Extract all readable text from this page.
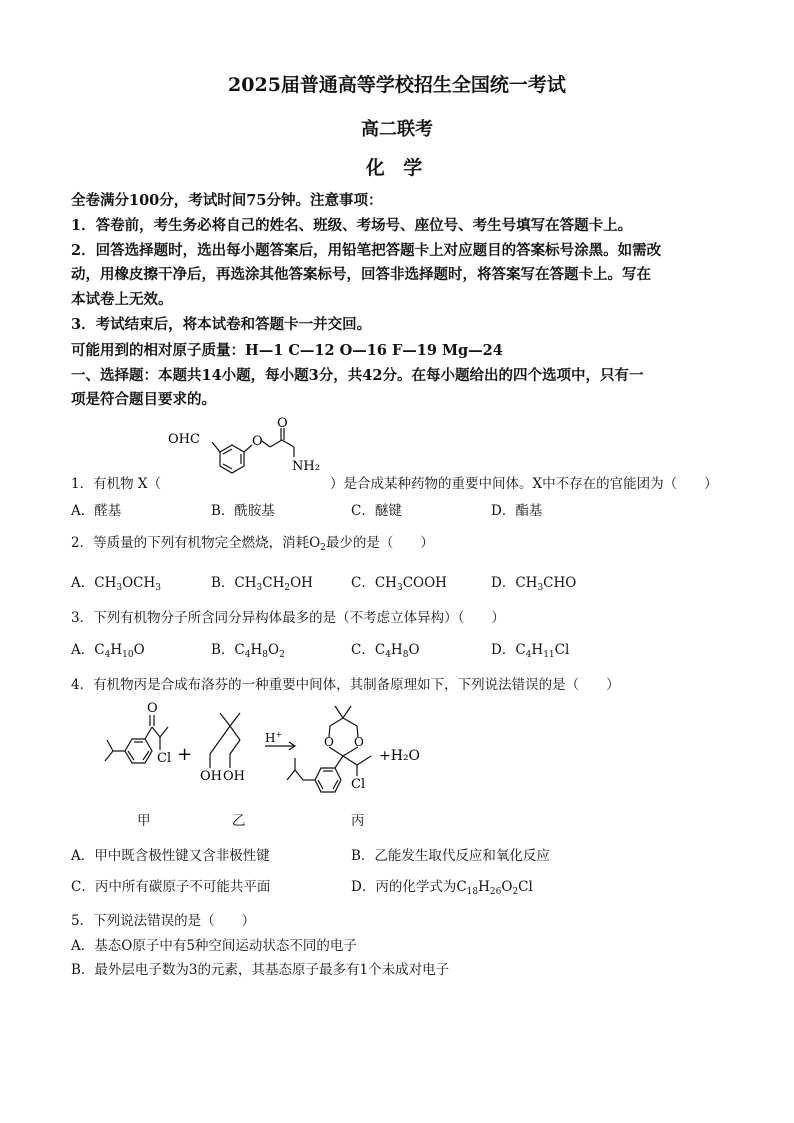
2025届普通高等学校招生全国统一考试
高二联考
化 学
全卷满分100分，考试时间75分钟。注意事项：
1．答卷前，考生务必将自己的姓名、班级、考场号、座位号、考生号填写在答题卡上。
2．回答选择题时，选出每小题答案后，用铅笔把答题卡上对应题目的答案标号涂黑。如需改
动，用橡皮擦干净后，再选涂其他答案标号，回答非选择题时，将答案写在答题卡上。写在
本试卷上无效。
3．考试结束后，将本试卷和答题卡一并交回。
可能用到的相对原子质量：H—1 C—12 O—16 F—19 Mg—24
一、选择题：本题共14小题，每小题3分，共42分。在每小题给出的四个选项中，只有一
项是符合题目要求的。
OHC	O
O
NH₂
1．有机物 X（	）是合成某种药物的重要中间体。X中不存在的官能团为（　　）
A．醛基	B．酰胺基	C．醚键	D．酯基
2．等质量的下列有机物完全燃烧，消耗$O_2$最少的是（　　）
A．$CH_3OCH_3$	B．$CH_3CH_2OH$	C．$CH_3COOH$	D．$CH_3CHO$
3．下列有机物分子所含同分异构体最多的是（不考虑立体异构）（　　）
A．$C_4H_{10}O$	B．$C_4H_8O_2$	C．$C_4H_8O$	D．$C_4H_{11}Cl$
4．有机物丙是合成布洛芬的一种重要中间体，其制备原理如下，下列说法错误的是（　　）
O
Cl +
OH OH
H+
O O
Cl
+H₂O
甲	乙	丙
A．甲中既含极性键又含非极性键	B．乙能发生取代反应和氧化反应
C．丙中所有碳原子不可能共平面	D．丙的化学式为$C_{18}H_{26}O_2Cl$
5．下列说法错误的是（　　）
A．基态O原子中有5种空间运动状态不同的电子
B．最外层电子数为3的元素，其基态原子最多有1个未成对电子
